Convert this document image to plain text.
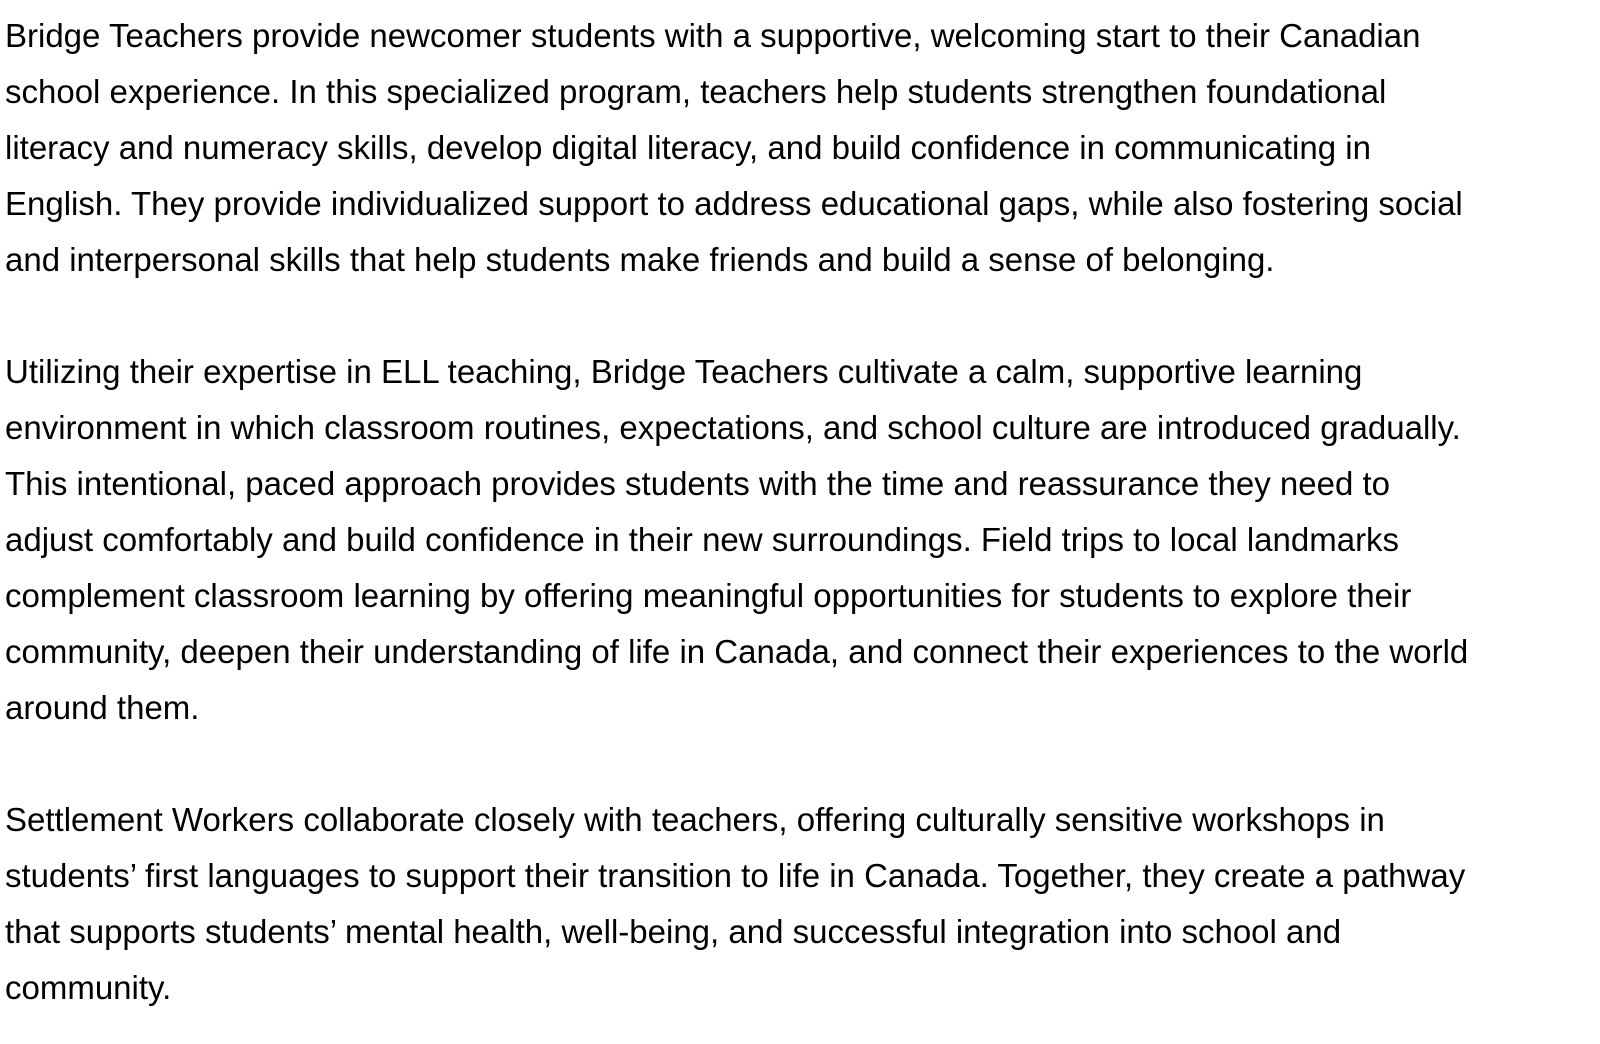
Bridge Teachers provide newcomer students with a supportive, welcoming start to their Canadian
school experience. In this specialized program, teachers help students strengthen foundational
literacy and numeracy skills, develop digital literacy, and build confidence in communicating in
English. They provide individualized support to address educational gaps, while also fostering social
and interpersonal skills that help students make friends and build a sense of belonging.

Utilizing their expertise in ELL teaching, Bridge Teachers cultivate a calm, supportive learning
environment in which classroom routines, expectations, and school culture are introduced gradually.
This intentional, paced approach provides students with the time and reassurance they need to
adjust comfortably and build confidence in their new surroundings. Field trips to local landmarks
complement classroom learning by offering meaningful opportunities for students to explore their
community, deepen their understanding of life in Canada, and connect their experiences to the world
around them.

Settlement Workers collaborate closely with teachers, offering culturally sensitive workshops in
students’ first languages to support their transition to life in Canada. Together, they create a pathway
that supports students’ mental health, well-being, and successful integration into school and
community.
